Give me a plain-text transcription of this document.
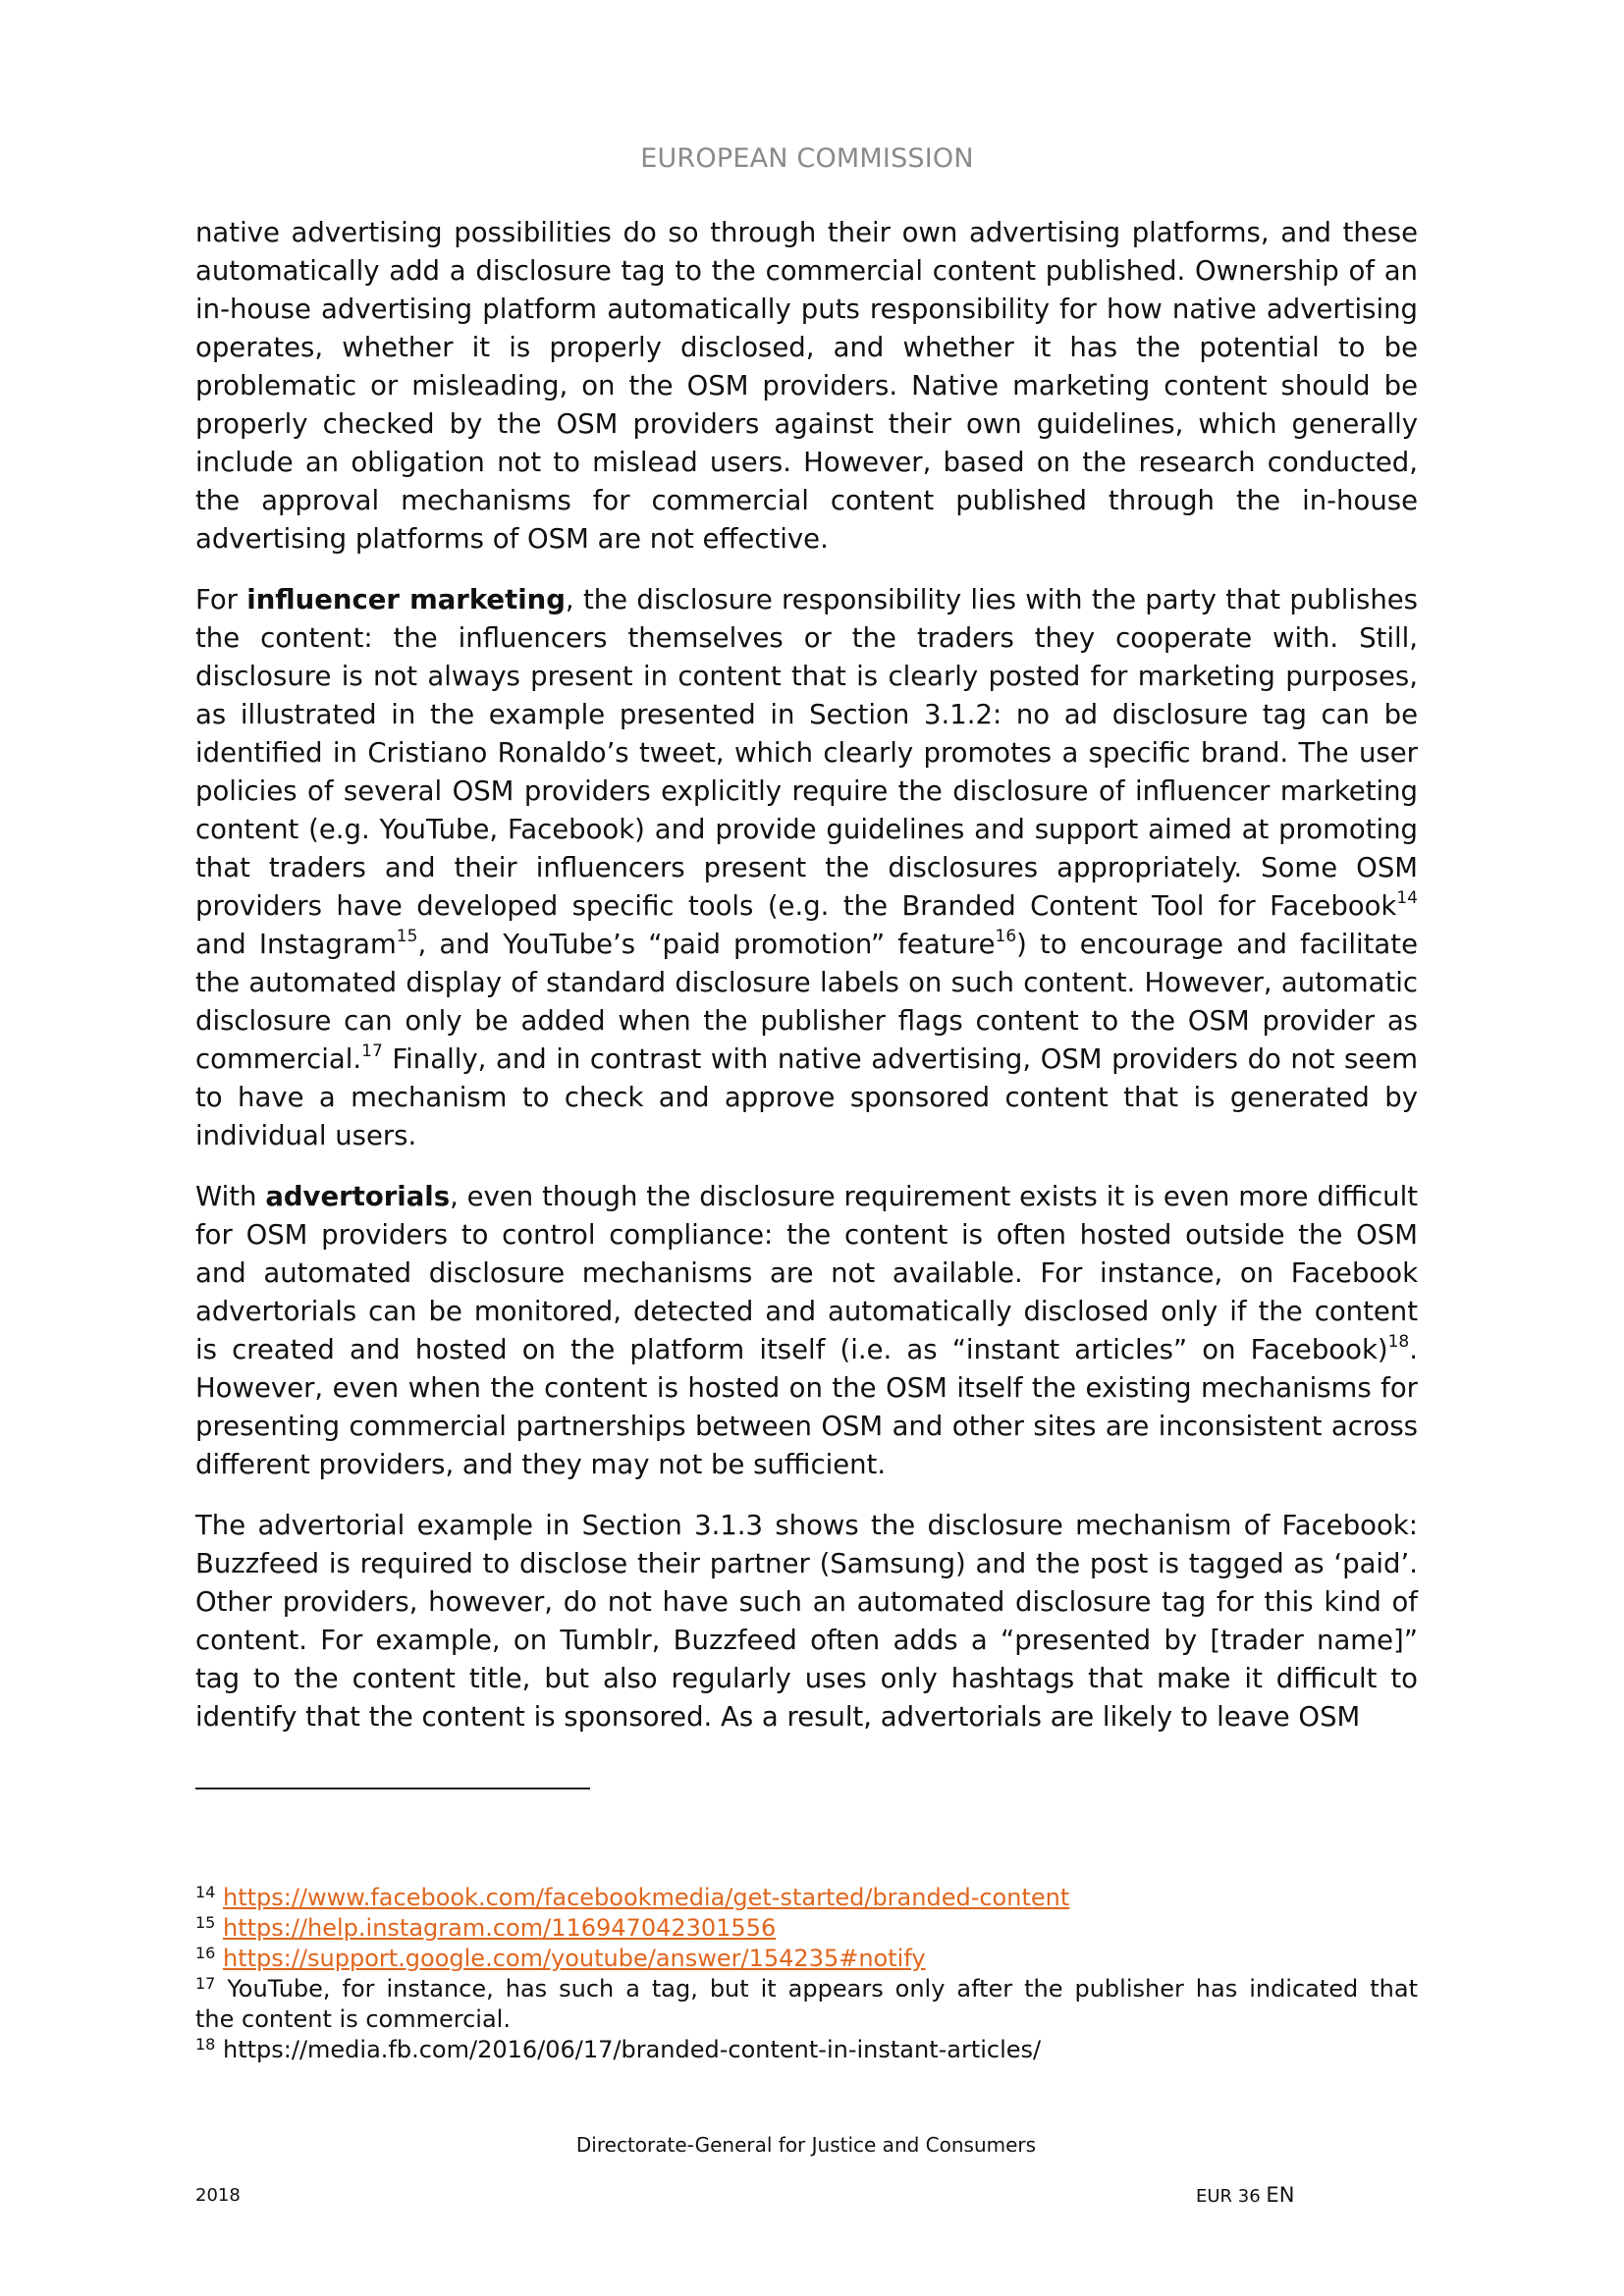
EUROPEAN COMMISSION
native advertising possibilities do so through their own advertising platforms, and these
automatically add a disclosure tag to the commercial content published. Ownership of an
in-house advertising platform automatically puts responsibility for how native advertising
operates, whether it is properly disclosed, and whether it has the potential to be
problematic or misleading, on the OSM providers. Native marketing content should be
properly checked by the OSM providers against their own guidelines, which generally
include an obligation not to mislead users. However, based on the research conducted,
the approval mechanisms for commercial content published through the in-house
advertising platforms of OSM are not effective.
For influencer marketing, the disclosure responsibility lies with the party that publishes
the content: the influencers themselves or the traders they cooperate with. Still,
disclosure is not always present in content that is clearly posted for marketing purposes,
as illustrated in the example presented in Section 3.1.2: no ad disclosure tag can be
identified in Cristiano Ronaldo’s tweet, which clearly promotes a specific brand. The user
policies of several OSM providers explicitly require the disclosure of influencer marketing
content (e.g. YouTube, Facebook) and provide guidelines and support aimed at promoting
that traders and their influencers present the disclosures appropriately. Some OSM
providers have developed specific tools (e.g. the Branded Content Tool for Facebook$^{14}$
and Instagram$^{15}$, and YouTube’s “paid promotion” feature$^{16}$) to encourage and facilitate
the automated display of standard disclosure labels on such content. However, automatic
disclosure can only be added when the publisher flags content to the OSM provider as
commercial.$^{17}$ Finally, and in contrast with native advertising, OSM providers do not seem
to have a mechanism to check and approve sponsored content that is generated by
individual users.
With advertorials, even though the disclosure requirement exists it is even more difficult
for OSM providers to control compliance: the content is often hosted outside the OSM
and automated disclosure mechanisms are not available. For instance, on Facebook
advertorials can be monitored, detected and automatically disclosed only if the content
is created and hosted on the platform itself (i.e. as “instant articles” on Facebook)$^{18}$.
However, even when the content is hosted on the OSM itself the existing mechanisms for
presenting commercial partnerships between OSM and other sites are inconsistent across
different providers, and they may not be sufficient.
The advertorial example in Section 3.1.3 shows the disclosure mechanism of Facebook:
Buzzfeed is required to disclose their partner (Samsung) and the post is tagged as ‘paid’.
Other providers, however, do not have such an automated disclosure tag for this kind of
content. For example, on Tumblr, Buzzfeed often adds a “presented by [trader name]”
tag to the content title, but also regularly uses only hashtags that make it difficult to
identify that the content is sponsored. As a result, advertorials are likely to leave OSM
$^{14}$ https://www.facebook.com/facebookmedia/get-started/branded-content
$^{15}$ https://help.instagram.com/116947042301556
$^{16}$ https://support.google.com/youtube/answer/154235#notify
$^{17}$ YouTube, for instance, has such a tag, but it appears only after the publisher has indicated that
the content is commercial.
$^{18}$ https://media.fb.com/2016/06/17/branded-content-in-instant-articles/
Directorate-General for Justice and Consumers
2018	EUR 36 EN
